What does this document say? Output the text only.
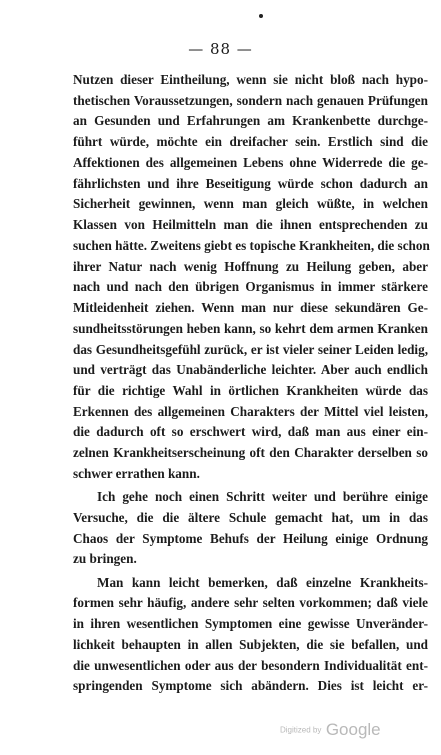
— 88 —
Nutzen dieser Eintheilung, wenn sie nicht bloß nach hypo-
thetischen Voraussetzungen, sondern nach genauen Prüfungen
an Gesunden und Erfahrungen am Krankenbette durchge-
führt würde, möchte ein dreifacher sein. Erstlich sind die
Affektionen des allgemeinen Lebens ohne Widerrede die ge-
fährlichsten und ihre Beseitigung würde schon dadurch an
Sicherheit gewinnen, wenn man gleich wüßte, in welchen
Klassen von Heilmitteln man die ihnen entsprechenden zu
suchen hätte. Zweitens giebt es topische Krankheiten, die schon
ihrer Natur nach wenig Hoffnung zu Heilung geben, aber
nach und nach den übrigen Organismus in immer stärkere
Mitleidenheit ziehen. Wenn man nur diese sekundären Ge-
sundheitsstörungen heben kann, so kehrt dem armen Kranken
das Gesundheitsgefühl zurück, er ist vieler seiner Leiden ledig,
und verträgt das Unabänderliche leichter. Aber auch endlich
für die richtige Wahl in örtlichen Krankheiten würde das
Erkennen des allgemeinen Charakters der Mittel viel leisten,
die dadurch oft so erschwert wird, daß man aus einer ein-
zelnen Krankheitserscheinung oft den Charakter derselben so
schwer errathen kann.
Ich gehe noch einen Schritt weiter und berühre einige
Versuche, die die ältere Schule gemacht hat, um in das
Chaos der Symptome Behufs der Heilung einige Ordnung
zu bringen.
Man kann leicht bemerken, daß einzelne Krankheits-
formen sehr häufig, andere sehr selten vorkommen; daß viele
in ihren wesentlichen Symptomen eine gewisse Unveränder-
lichkeit behaupten in allen Subjekten, die sie befallen, und
die unwesentlichen oder aus der besondern Individualität ent-
springenden Symptome sich abändern. Dies ist leicht er-
Digitized by Google
